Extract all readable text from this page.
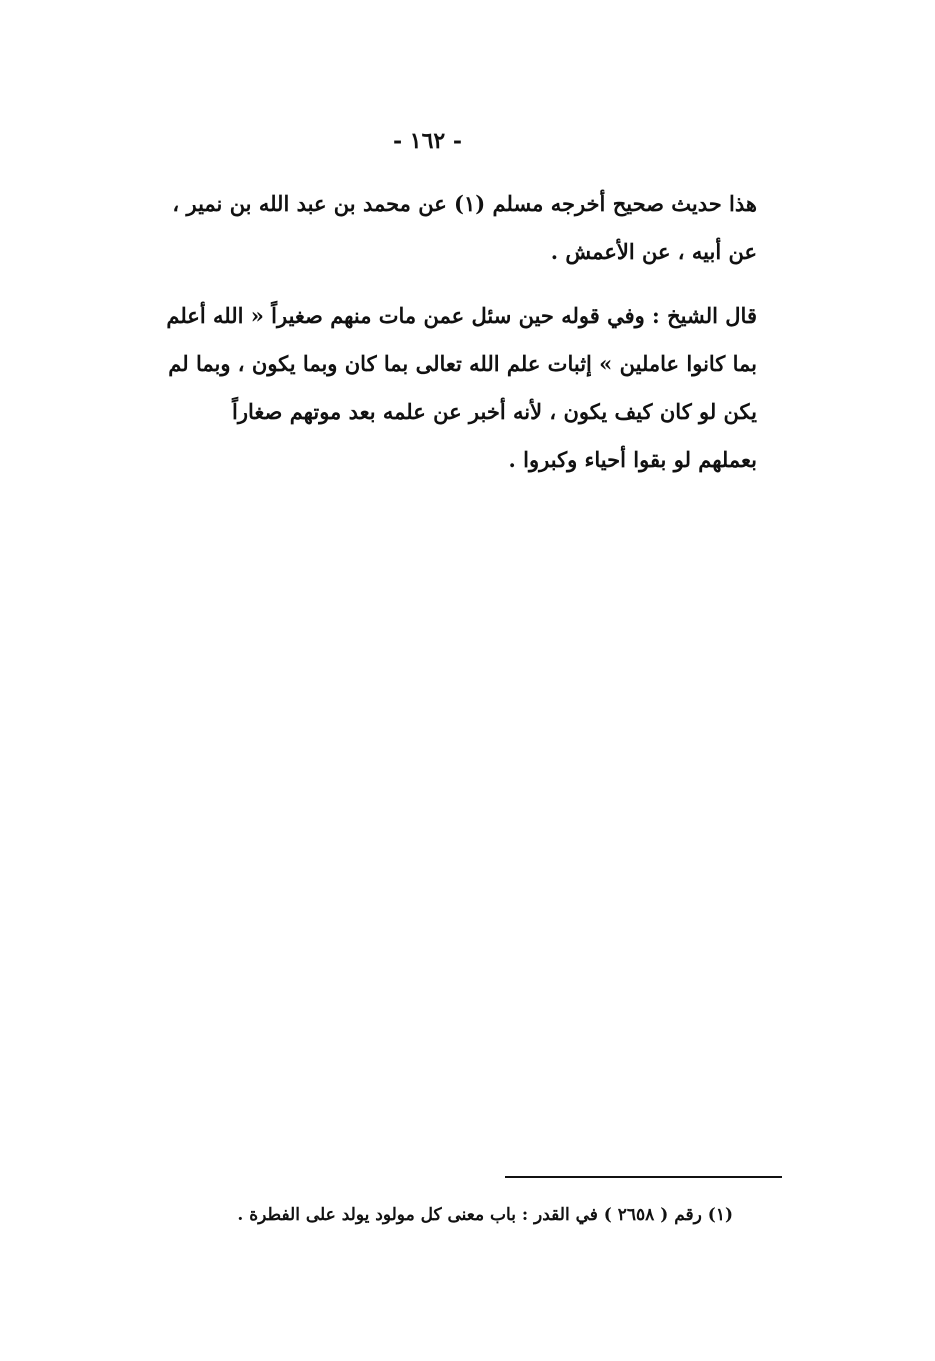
- ١٦٢ -
هذا حديث صحيح أخرجه مسلم (١) عن محمد بن عبد الله بن نمير ،
عن أبيه ، عن الأعمش .
قال الشيخ : وفي قوله حين سئل عمن مات منهم صغيراً « الله أعلم
بما كانوا عاملين » إثبات علم الله تعالى بما كان وبما يكون ، وبما لم
يكن لو كان كيف يكون ، لأنه أخبر عن علمه بعد موتهم صغاراً
بعملهم لو بقوا أحياء وكبروا .
(١) رقم ( ٢٦٥٨ ) في القدر : باب معنى كل مولود يولد على الفطرة .
